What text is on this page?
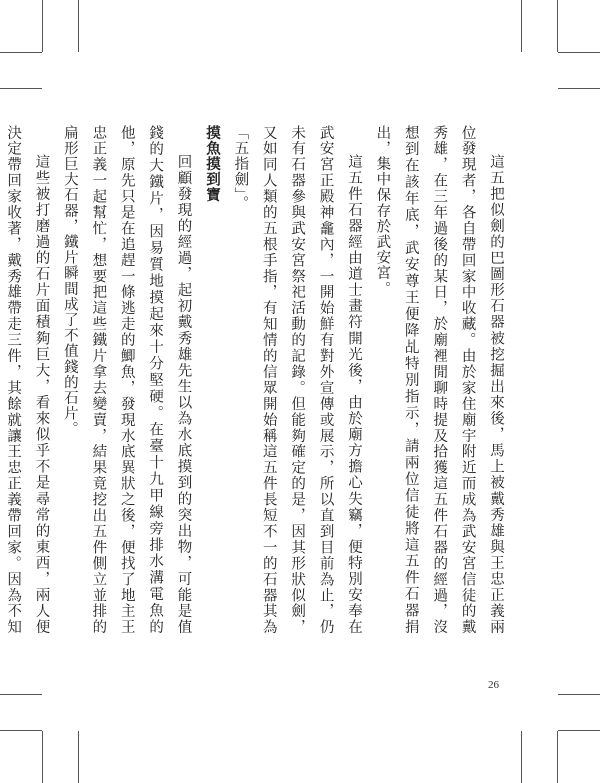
這五把似劍的巴圖形石器被挖掘出來後，馬上被戴秀雄與王忠正義兩位發現者，各自帶回家中收藏。由於家住廟宇附近而成為武安宮信徒的戴秀雄，在三年過後的某日，於廟裡閒聊時提及拾獲這五件石器的經過，沒想到在該年底，武安尊王便降乩特別指示，請兩位信徒將這五件石器捐出，集中保存於武安宮。

這五件石器經由道士畫符開光後，由於廟方擔心失竊，便特別安奉在武安宮正殿神龕內，一開始鮮有對外宣傳或展示，所以直到目前為止，仍未有石器參與武安宮祭祀活動的記錄。但能夠確定的是，因其形狀似劍，又如同人類的五根手指，有知情的信眾開始稱這五件長短不一的石器其為「五指劍」。

摸魚摸到寶

回顧發現的經過，起初戴秀雄先生以為水底摸到的突出物，可能是值錢的大鐵片，因易質地摸起來十分堅硬。在臺十九甲線旁排水溝電魚的他，原先只是在追趕一條逃走的鯽魚，發現水底異狀之後，便找了地主王忠正義一起幫忙，想要把這些鐵片拿去變賣，結果竟挖出五件側立並排的扁形巨大石器，鐵片瞬間成了不值錢的石片。

這些被打磨過的石片面積夠巨大，看來似乎不是尋常的東西，兩人便決定帶回家收著，戴秀雄帶走三件，其餘就讓王忠正義帶回家。因為不知

26
